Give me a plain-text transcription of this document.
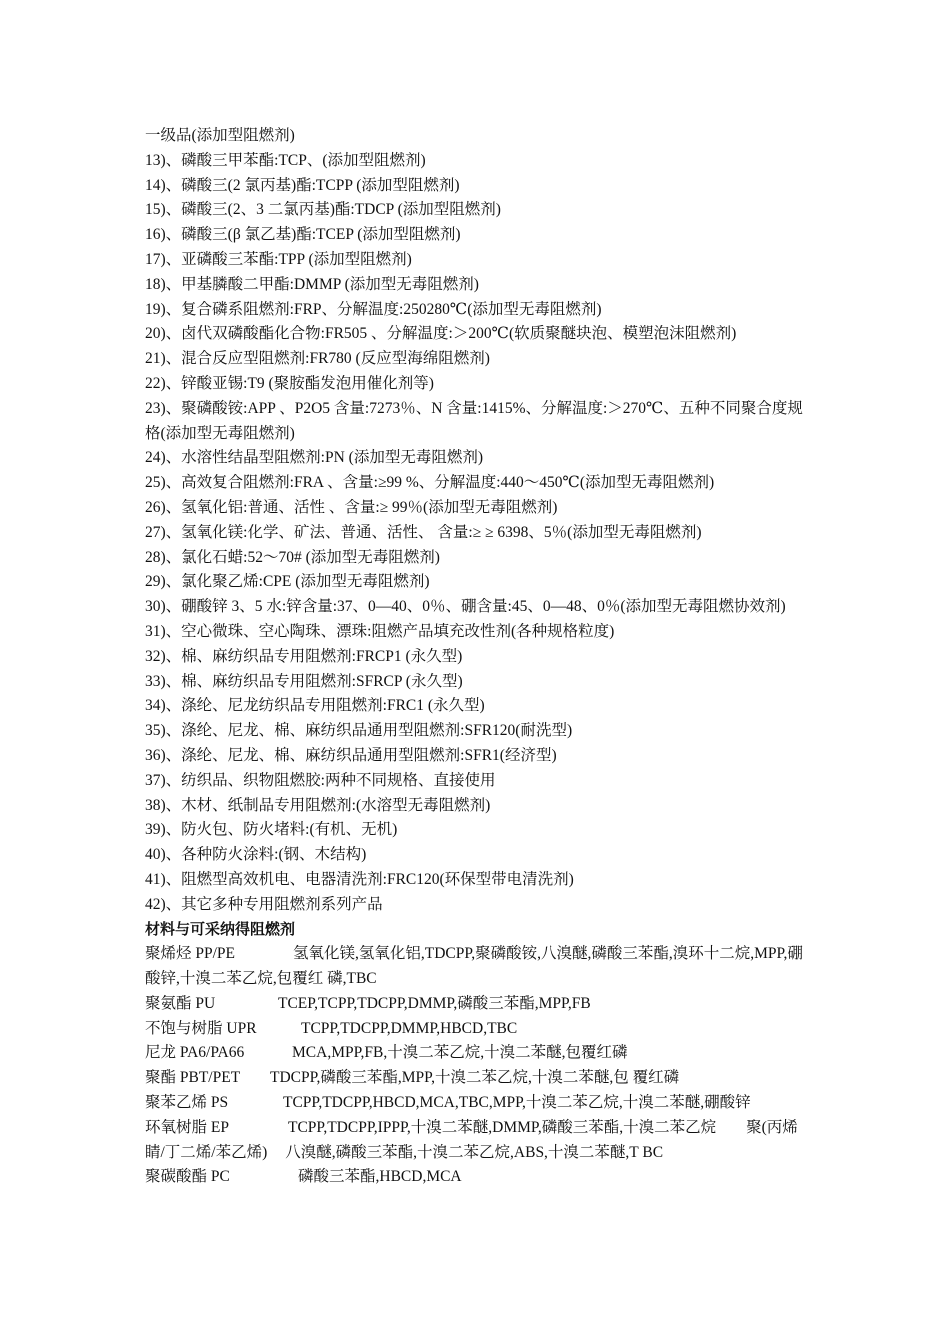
一级品(添加型阻燃剂)
13)、磷酸三甲苯酯:TCP、(添加型阻燃剂)
14)、磷酸三(2 氯丙基)酯:TCPP (添加型阻燃剂)
15)、磷酸三(2、3 二氯丙基)酯:TDCP (添加型阻燃剂)
16)、磷酸三(β 氯乙基)酯:TCEP (添加型阻燃剂)
17)、亚磷酸三苯酯:TPP (添加型阻燃剂)
18)、甲基膦酸二甲酯:DMMP (添加型无毒阻燃剂)
19)、复合磷系阻燃剂:FRP、分解温度:250280℃(添加型无毒阻燃剂)
20)、卤代双磷酸酯化合物:FR505 、分解温度:＞200℃(软质聚醚块泡、模塑泡沫阻燃剂)
21)、混合反应型阻燃剂:FR780 (反应型海绵阻燃剂)
22)、锌酸亚锡:T9 (聚胺酯发泡用催化剂等)
23)、聚磷酸铵:APP 、P2O5 含量:7273％、N 含量:1415%、分解温度:＞270℃、五种不同聚合度规格(添加型无毒阻燃剂)
24)、水溶性结晶型阻燃剂:PN (添加型无毒阻燃剂)
25)、高效复合阻燃剂:FRA 、含量:≥99 %、分解温度:440～450℃(添加型无毒阻燃剂)
26)、氢氧化铝:普通、活性 、含量:≥ 99％(添加型无毒阻燃剂)
27)、氢氧化镁:化学、矿法、普通、活性、 含量:≥ ≥ 6398、5％(添加型无毒阻燃剂)
28)、氯化石蜡:52～70# (添加型无毒阻燃剂)
29)、氯化聚乙烯:CPE (添加型无毒阻燃剂)
30)、硼酸锌 3、5 水:锌含量:37、0—40、0％、硼含量:45、0—48、0％(添加型无毒阻燃协效剂)
31)、空心微珠、空心陶珠、漂珠:阻燃产品填充改性剂(各种规格粒度)
32)、棉、麻纺织品专用阻燃剂:FRCP1 (永久型)
33)、棉、麻纺织品专用阻燃剂:SFRCP (永久型)
34)、涤纶、尼龙纺织品专用阻燃剂:FRC1 (永久型)
35)、涤纶、尼龙、棉、麻纺织品通用型阻燃剂:SFR120(耐洗型)
36)、涤纶、尼龙、棉、麻纺织品通用型阻燃剂:SFR1(经济型)
37)、纺织品、织物阻燃胶:两种不同规格、直接使用
38)、木材、纸制品专用阻燃剂:(水溶型无毒阻燃剂)
39)、防火包、防火堵料:(有机、无机)
40)、各种防火涂料:(钢、木结构)
41)、阻燃型高效机电、电器清洗剂:FRC120(环保型带电清洗剂)
42)、其它多种专用阻燃剂系列产品
材料与可采纳得阻燃剂
聚烯烃 PP/PE	氢氧化镁,氢氧化铝,TDCPP,聚磷酸铵,八溴醚,磷酸三苯酯,溴环十二烷,MPP,硼酸锌,十溴二苯乙烷,包覆红 磷,TBC
聚氨酯 PU	TCEP,TCPP,TDCPP,DMMP,磷酸三苯酯,MPP,FB
不饱与树脂 UPR	TCPP,TDCPP,DMMP,HBCD,TBC
尼龙 PA6/PA66	MCA,MPP,FB,十溴二苯乙烷,十溴二苯醚,包覆红磷
聚酯 PBT/PET TDCPP,磷酸三苯酯,MPP,十溴二苯乙烷,十溴二苯醚,包 覆红磷
聚苯乙烯 PS	TCPP,TDCPP,HBCD,MCA,TBC,MPP,十溴二苯乙烷,十溴二苯醚,硼酸锌
环氧树脂 EP	TCPP,TDCPP,IPPP,十溴二苯醚,DMMP,磷酸三苯酯,十溴二苯乙烷 聚(丙烯睛/丁二烯/苯乙烯) 八溴醚,磷酸三苯酯,十溴二苯乙烷,ABS,十溴二苯醚,T BC
聚碳酸酯 PC	磷酸三苯酯,HBCD,MCA
